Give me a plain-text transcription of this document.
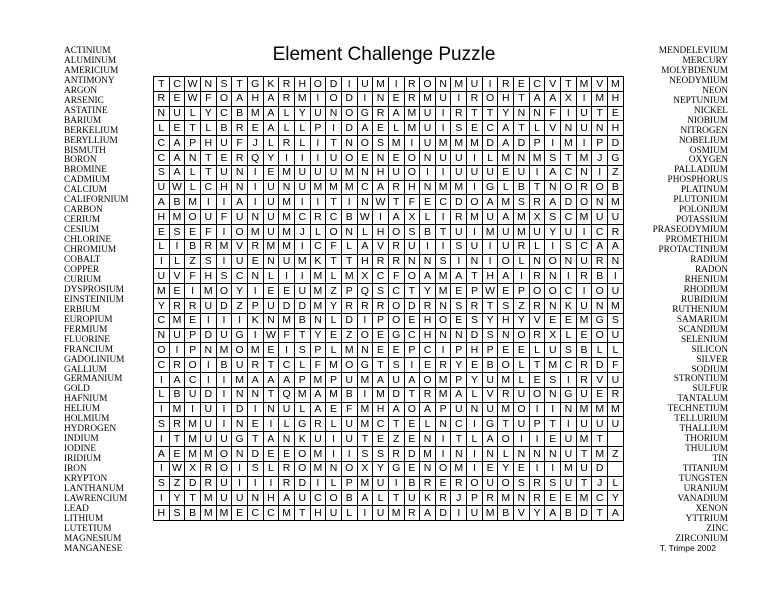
Element Challenge Puzzle
ACTINIUM
ALUMINUM
AMERICIUM
ANTIMONY
ARGON
ARSENIC
ASTATINE
BARIUM
BERKELIUM
BERYLLIUM
BISMUTH
BORON
BROMINE
CADMIUM
CALCIUM
CALIFORNIUM
CARBON
CERIUM
CESIUM
CHLORINE
CHROMIUM
COBALT
COPPER
CURIUM
DYSPROSIUM
EINSTEINIUM
ERBIUM
EUROPIUM
FERMIUM
FLUORINE
FRANCIUM
GADOLINIUM
GALLIUM
GERMANIUM
GOLD
HAFNIUM
HELIUM
HOLMIUM
HYDROGEN
INDIUM
IODINE
IRIDIUM
IRON
KRYPTON
LANTHANUM
LAWRENCIUM
LEAD
LITHIUM
LUTETIUM
MAGNESIUM
MANGANESE
MENDELEVIUM
MERCURY
MOLYBDENUM
NEODYMIUM
NEON
NEPTUNIUM
NICKEL
NIOBIUM
NITROGEN
NOBELIUM
OSMIUM
OXYGEN
PALLADIUM
PHOSPHORUS
PLATINUM
PLUTONIUM
POLONIUM
POTASSIUM
PRASEODYMIUM
PROMETHIUM
PROTACTINIUM
RADIUM
RADON
RHENIUM
RHODIUM
RUBIDIUM
RUTHENIUM
SAMARIUM
SCANDIUM
SELENIUM
SILICON
SILVER
SODIUM
STRONTIUM
SULFUR
TANTALUM
TECHNETIUM
TELLURIUM
THALLIUM
THORIUM
THULIUM
TIN
TITANIUM
TUNGSTEN
URANIUM
VANADIUM
XENON
YTTRIUM
ZINC
ZIRCONIUM
T	C	W	N	S	T	G	K	R	H	O	D	I	U	M	I	R	O	N	M	U	I	R	E	C	V	T	M	V	M
R	E	W	F	O	A	H	A	R	M	I	O	D	I	N	E	R	M	U	I	R	O	H	T	A	A	X	I	M	H
N	U	L	Y	C	B	M	A	L	Y	U	N	O	G	R	A	M	U	I	R	T	T	Y	N	N	F	I	U	T	E
L	E	T	L	B	R	E	A	L	L	P	I	D	A	E	L	M	U	I	S	E	C	A	T	L	V	N	U	N	H
C	A	P	H	U	F	J	L	R	L	I	T	N	O	S	M	I	U	M	M	M	D	A	D	P	I	M	I	P	D
C	A	N	T	E	R	Q	Y	I	I	I	U	O	E	N	E	O	N	U	U	I	L	M	N	M	S	T	M	J	G
S	A	L	T	U	N	I	E	M	U	U	U	M	N	H	U	O	I	I	U	U	U	E	U	I	A	C	N	I	Z
U	W	L	C	H	N	I	U	N	U	M	M	M	C	A	R	H	N	M	M	I	G	L	B	T	N	O	R	O	B
A	B	M	I	I	A	I	U	M	I	I	T	I	N	W	T	F	E	C	D	O	A	M	S	R	A	D	O	N	M
H	M	O	U	F	U	N	U	M	C	R	C	B	W	I	A	X	L	I	R	M	U	A	M	X	S	C	M	U	U
E	S	E	F	I	O	M	U	M	J	L	O	N	L	H	O	S	B	T	U	I	M	U	M	U	Y	U	I	C	R
L	I	B	R	M	V	R	M	M	I	C	F	L	A	V	R	U	I	I	S	U	I	U	R	L	I	S	C	A	A
I	L	Z	S	I	U	E	N	U	M	K	T	T	H	R	R	N	N	S	I	N	I	O	L	N	O	N	U	R	N
U	V	F	H	S	C	N	L	I	I	M	L	M	X	C	F	O	A	M	A	T	H	A	I	R	N	I	R	B	I
M	E	I	M	O	Y	I	E	E	U	M	Z	P	Q	S	C	T	Y	M	E	P	W	E	P	O	O	C	I	O	U
Y	R	R	U	D	Z	P	U	D	D	M	Y	R	R	R	O	D	R	N	S	R	T	S	Z	R	N	K	U	N	M
C	M	E	I	I	I	K	N	M	B	N	L	D	I	P	O	E	H	O	E	S	Y	H	Y	V	E	E	M	G	S
N	U	P	D	U	G	I	W	F	T	Y	E	Z	O	E	G	C	H	N	N	D	S	N	O	R	X	L	E	O	U
O	I	P	N	M	O	M	E	I	S	P	L	M	N	E	E	P	C	I	P	H	P	E	E	L	U	S	B	L	L
C	R	O	I	B	U	R	T	C	L	F	M	O	G	T	S	I	E	R	Y	E	B	O	L	T	M	C	R	D	F
I	A	C	I	I	M	A	A	A	P	M	P	U	M	A	U	A	O	M	P	Y	U	M	L	E	S	I	R	V	U
L	B	U	D	I	N	N	T	Q	M	A	M	B	I	M	D	T	R	M	A	L	V	R	U	O	N	G	U	E	R
I	M	I	U	I	D	I	N	U	L	A	E	F	M	H	A	O	A	P	U	N	U	M	O	I	I	N	M	M	M
S	R	M	U	I	N	E	I	L	G	R	L	U	M	C	T	E	L	N	C	I	G	T	U	P	T	I	U	U	U
I	T	M	U	U	G	T	A	N	K	U	I	U	T	E	Z	E	N	I	T	L	A	O	I	I	E	U	M	T	
A	E	M	M	O	N	D	E	E	O	M	I	I	S	S	R	D	M	I	N	I	N	L	N	N	N	U	T	M	Z
I	W	X	R	O	I	S	L	R	O	M	N	O	X	Y	G	E	N	O	M	I	E	Y	E	I	I	M	U	D	
S	Z	D	R	U	I	I	I	R	D	I	L	P	M	U	I	B	R	E	R	O	U	O	S	R	S	U	T	J	L
I	Y	T	M	U	U	N	H	A	U	C	O	B	A	L	T	U	K	R	J	P	R	M	N	R	E	E	M	C	Y
H	S	B	M	M	E	C	C	M	T	H	U	L	I	U	M	R	A	D	I	U	M	B	V	Y	A	B	D	T	A
T. Trimpe 2002
